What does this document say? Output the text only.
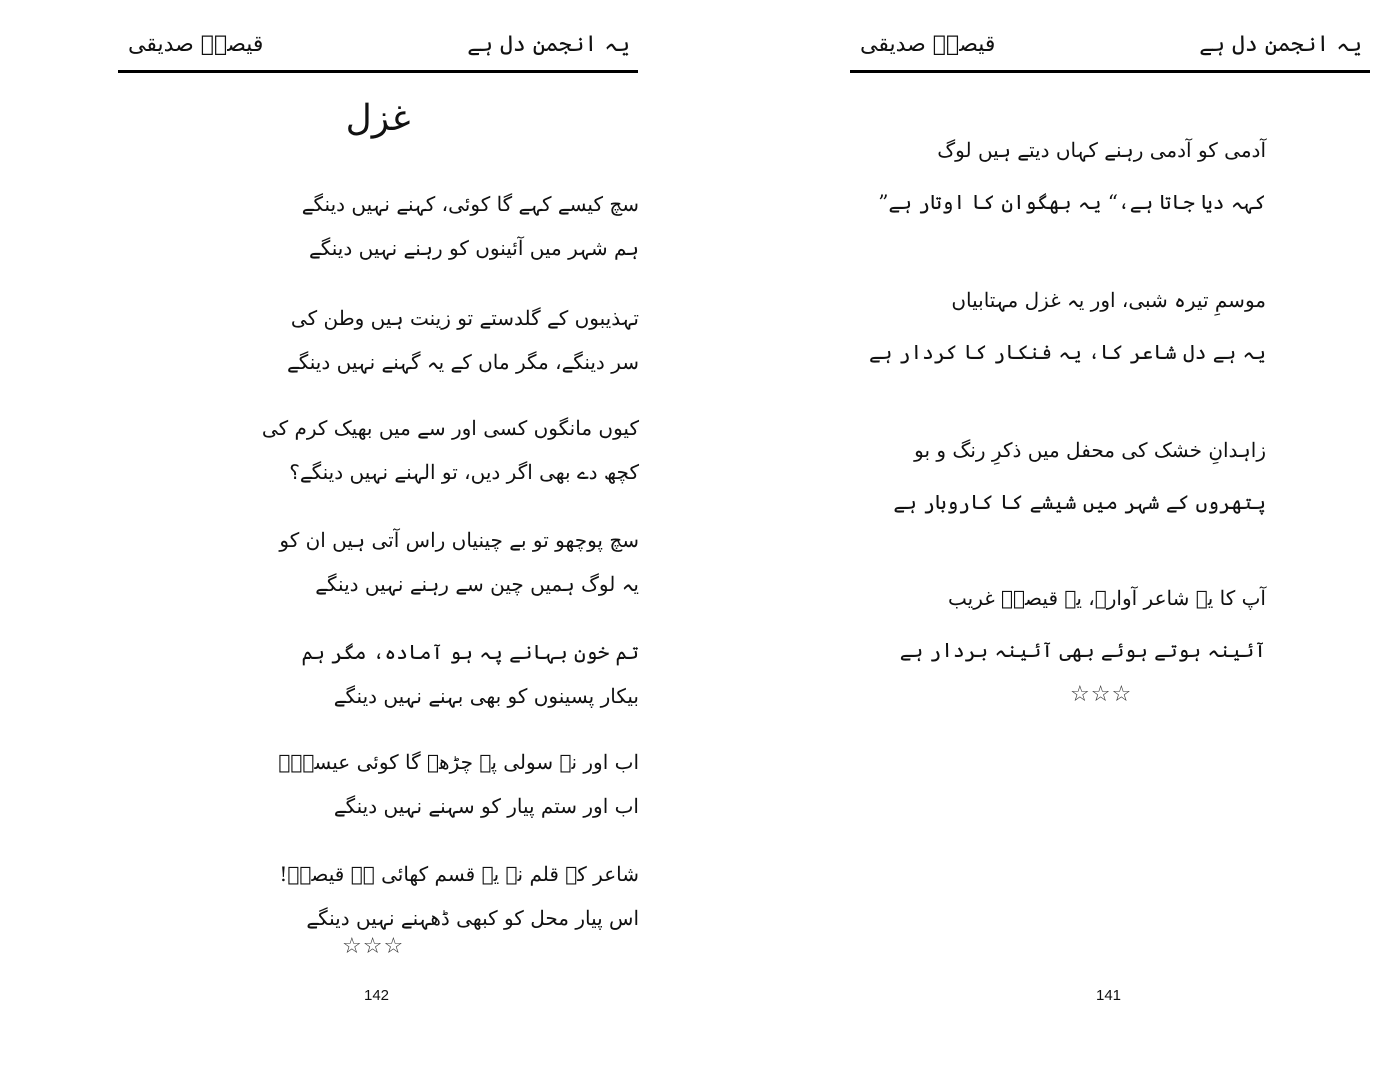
قیصرؔ صدیقی	یہ انجمن دل ہے
غزل
سچ کیسے کہے گا کوئی، کہنے نہیں دینگے
ہم شہر میں آئینوں کو رہنے نہیں دینگے
تہذیبوں کے گلدستے تو زینت ہیں وطن کی
سر دینگے، مگر ماں کے یہ گہنے نہیں دینگے
کیوں مانگوں کسی اور سے میں بھیک کرم کی
کچھ دے بھی اگر دیں، تو الہنے نہیں دینگے؟
سچ پوچھو تو بے چینیاں راس آتی ہیں ان کو
یہ لوگ ہمیں چین سے رہنے نہیں دینگے
تم خون بہانے پہ ہو آمادہ، مگر ہم
بیکار پسینوں کو بھی بہنے نہیں دینگے
اب اور نہ سولی پہ چڑھے گا کوئی عیسیٰؑ
اب اور ستم پیار کو سہنے نہیں دینگے
شاعر کے قلم نے یہ قسم کھائی ہے قیصرؔ!
اس پیار محل کو کبھی ڈھہنے نہیں دینگے
☆☆☆
142
قیصرؔ صدیقی	یہ انجمن دل ہے
آدمی کو آدمی رہنے کہاں دیتے ہیں لوگ
کہہ دیا جاتا ہے،“ یہ بھگوان کا اوتار ہے”
موسمِ تیرہ شبی، اور یہ غزل مہتابیاں
یہ ہے دل شاعر کا، یہ فنکار کا کردار ہے
زاہدانِ خشک کی محفل میں ذکرِ رنگ و بو
پتھروں کے شہر میں شیشے کا کاروبار ہے
آپ کا یہ شاعر آوارہ، یہ قیصرؔ غریب
آئینہ ہوتے ہوئے بھی آئینہ بردار ہے
☆☆☆
141
